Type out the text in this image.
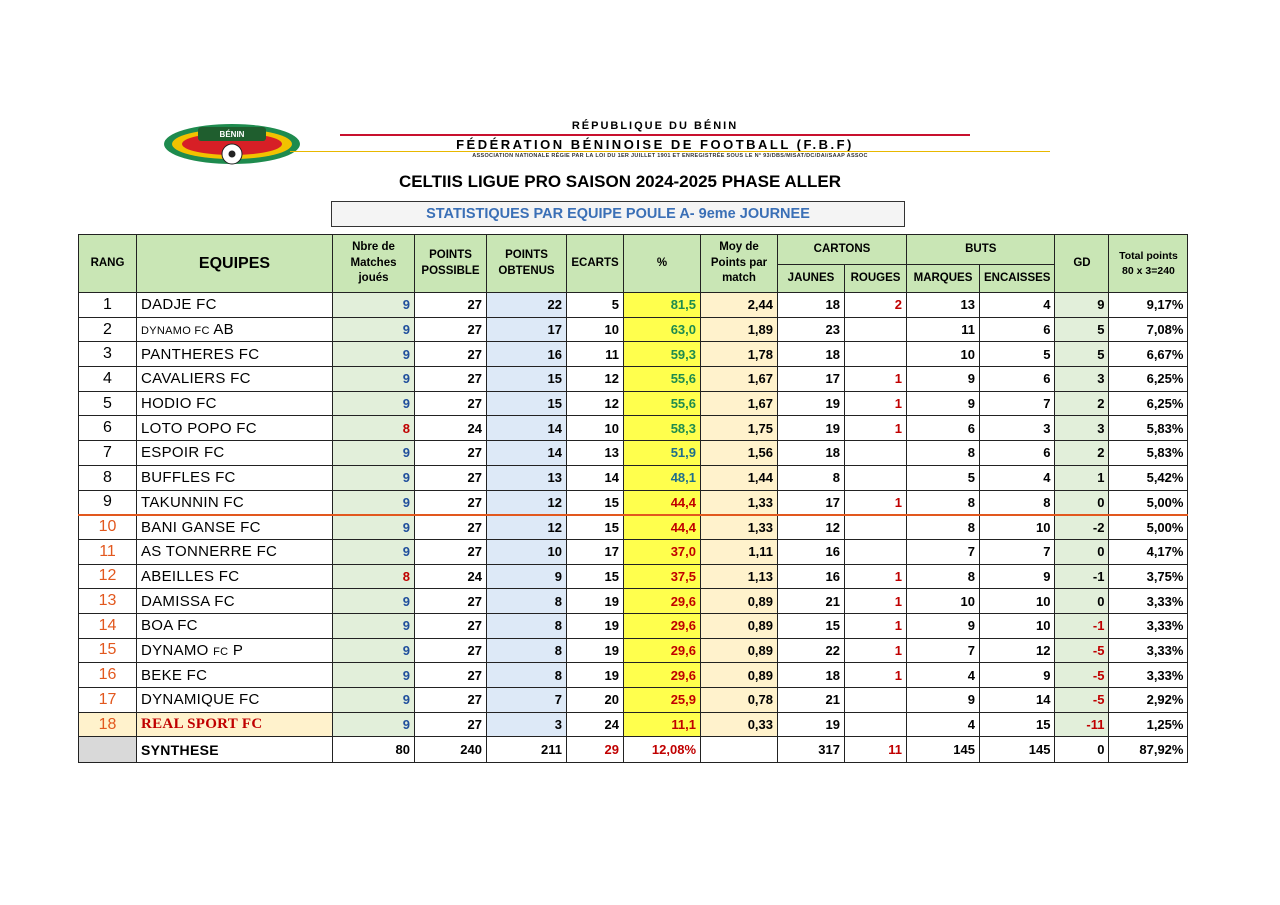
BÉNIN
RÉPUBLIQUE DU BÉNIN
FÉDÉRATION BÉNINOISE DE FOOTBALL (F.B.F)
ASSOCIATION NATIONALE RÉGIE PAR LA LOI DU 1ER JUILLET 1901 ET ENREGISTRÉE SOUS LE N° 93/DBS/MISAT/DC/DAI/SAAP ASSOC
CELTIIS LIGUE PRO SAISON 2024-2025 PHASE ALLER
STATISTIQUES PAR EQUIPE POULE A- 9eme JOURNEE
RANG	EQUIPES	Nbre de Matches joués	POINTS POSSIBLE	POINTS OBTENUS	ECARTS	%	Moy de Points par match	CARTONS		BUTS		GD	Total points 80 x 3=240
								JAUNES	ROUGES	MARQUES	ENCAISSES		
1	DADJE FC	9	27	22	5	81,5	2,44	18	2	13	4	9	9,17%
2	DYNAMO FC AB	9	27	17	10	63,0	1,89	23		11	6	5	7,08%
3	PANTHERES FC	9	27	16	11	59,3	1,78	18		10	5	5	6,67%
4	CAVALIERS FC	9	27	15	12	55,6	1,67	17	1	9	6	3	6,25%
5	HODIO FC	9	27	15	12	55,6	1,67	19	1	9	7	2	6,25%
6	LOTO POPO FC	8	24	14	10	58,3	1,75	19	1	6	3	3	5,83%
7	ESPOIR FC	9	27	14	13	51,9	1,56	18		8	6	2	5,83%
8	BUFFLES FC	9	27	13	14	48,1	1,44	8		5	4	1	5,42%
9	TAKUNNIN FC	9	27	12	15	44,4	1,33	17	1	8	8	0	5,00%
10	BANI GANSE FC	9	27	12	15	44,4	1,33	12		8	10	-2	5,00%
11	AS TONNERRE FC	9	27	10	17	37,0	1,11	16		7	7	0	4,17%
12	ABEILLES FC	8	24	9	15	37,5	1,13	16	1	8	9	-1	3,75%
13	DAMISSA FC	9	27	8	19	29,6	0,89	21	1	10	10	0	3,33%
14	BOA FC	9	27	8	19	29,6	0,89	15	1	9	10	-1	3,33%
15	DYNAMO FC P	9	27	8	19	29,6	0,89	22	1	7	12	-5	3,33%
16	BEKE FC	9	27	8	19	29,6	0,89	18	1	4	9	-5	3,33%
17	DYNAMIQUE FC	9	27	7	20	25,9	0,78	21		9	14	-5	2,92%
18	REAL SPORT FC	9	27	3	24	11,1	0,33	19		4	15	-11	1,25%
	SYNTHESE	80	240	211	29	12,08%		317	11	145	145	0	87,92%
